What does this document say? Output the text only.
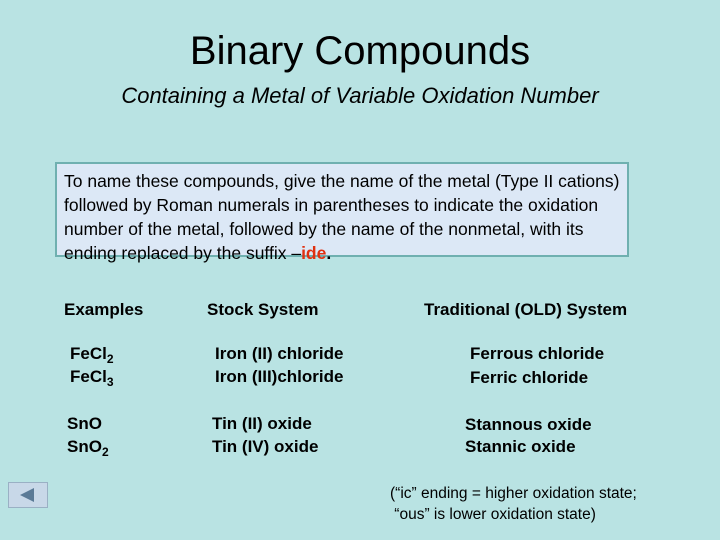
Binary Compounds
Containing a Metal of Variable Oxidation Number
To name these compounds, give the name of the metal (Type II cations) followed by Roman numerals in parentheses to indicate the oxidation number of the metal, followed by the name of the nonmetal, with its ending replaced by the suffix –ide.
Examples	Stock System	Traditional (OLD) System
FeCl$_2$	Iron (II) chloride	Ferrous chloride
FeCl$_3$	Iron (III)chloride	Ferric chloride
SnO	Tin (II) oxide	Stannous oxide
SnO$_2$	Tin (IV) oxide	Stannic oxide
(“ic” ending = higher oxidation state;
“ous” is lower oxidation state)
